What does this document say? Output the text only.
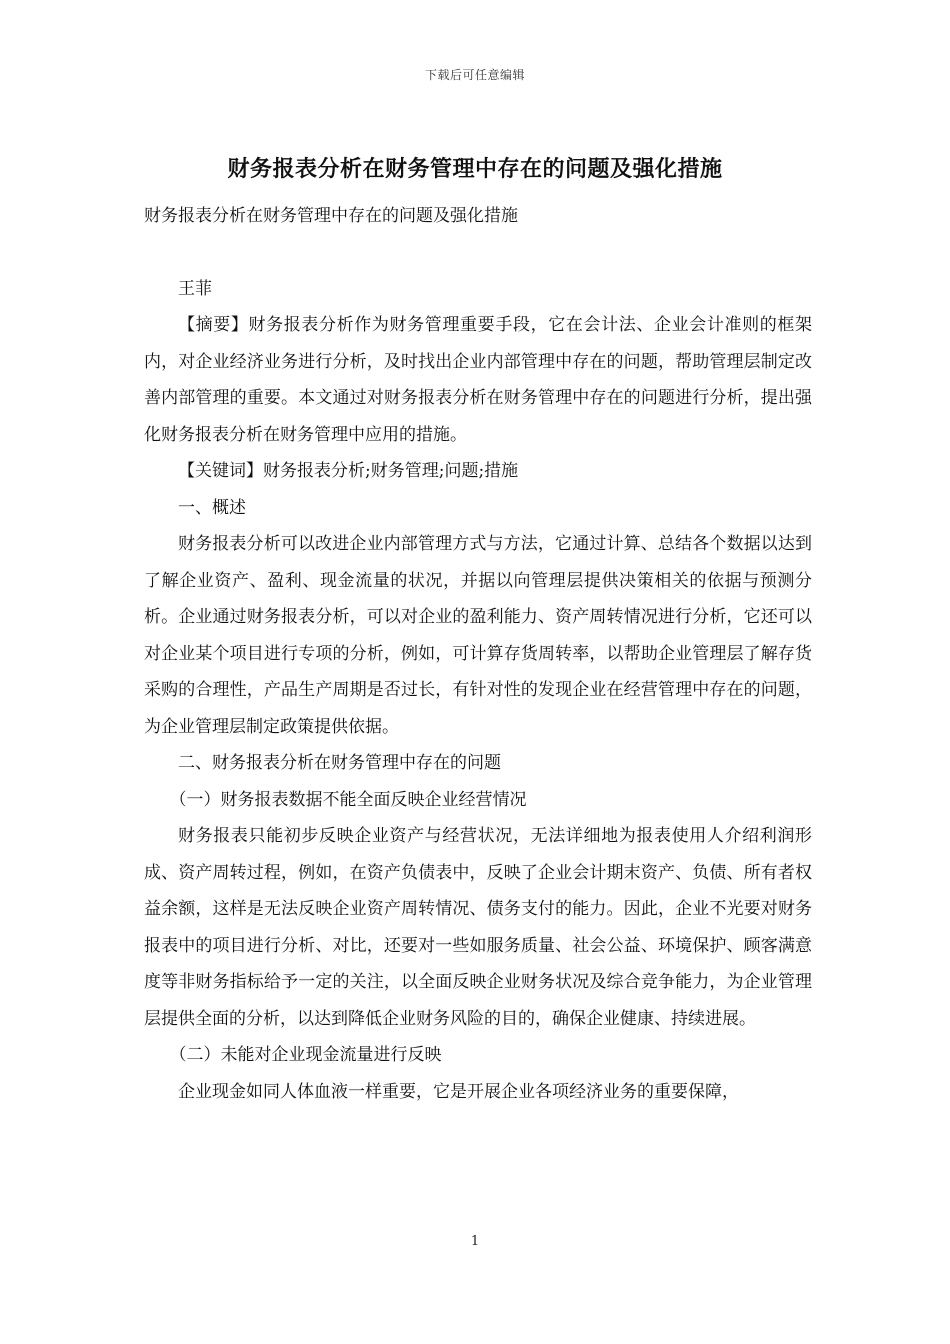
下载后可任意编辑
财务报表分析在财务管理中存在的问题及强化措施

财务报表分析在财务管理中存在的问题及强化措施

王菲

【摘要】财务报表分析作为财务管理重要手段，它在会计法、企业会计准则的框架内，对企业经济业务进行分析，及时找出企业内部管理中存在的问题，帮助管理层制定改善内部管理的重要。本文通过对财务报表分析在财务管理中存在的问题进行分析，提出强化财务报表分析在财务管理中应用的措施。

【关键词】财务报表分析;财务管理;问题;措施

一、概述

财务报表分析可以改进企业内部管理方式与方法，它通过计算、总结各个数据以达到了解企业资产、盈利、现金流量的状况，并据以向管理层提供决策相关的依据与预测分析。企业通过财务报表分析，可以对企业的盈利能力、资产周转情况进行分析，它还可以对企业某个项目进行专项的分析，例如，可计算存货周转率，以帮助企业管理层了解存货采购的合理性，产品生产周期是否过长，有针对性的发现企业在经营管理中存在的问题，为企业管理层制定政策提供依据。

二、财务报表分析在财务管理中存在的问题

（一）财务报表数据不能全面反映企业经营情况

财务报表只能初步反映企业资产与经营状况，无法详细地为报表使用人介绍利润形成、资产周转过程，例如，在资产负债表中，反映了企业会计期末资产、负债、所有者权益余额，这样是无法反映企业资产周转情况、债务支付的能力。因此，企业不光要对财务报表中的项目进行分析、对比，还要对一些如服务质量、社会公益、环境保护、顾客满意度等非财务指标给予一定的关注，以全面反映企业财务状况及综合竞争能力，为企业管理层提供全面的分析，以达到降低企业财务风险的目的，确保企业健康、持续进展。

（二）未能对企业现金流量进行反映

企业现金如同人体血液一样重要，它是开展企业各项经济业务的重要保障，

1
